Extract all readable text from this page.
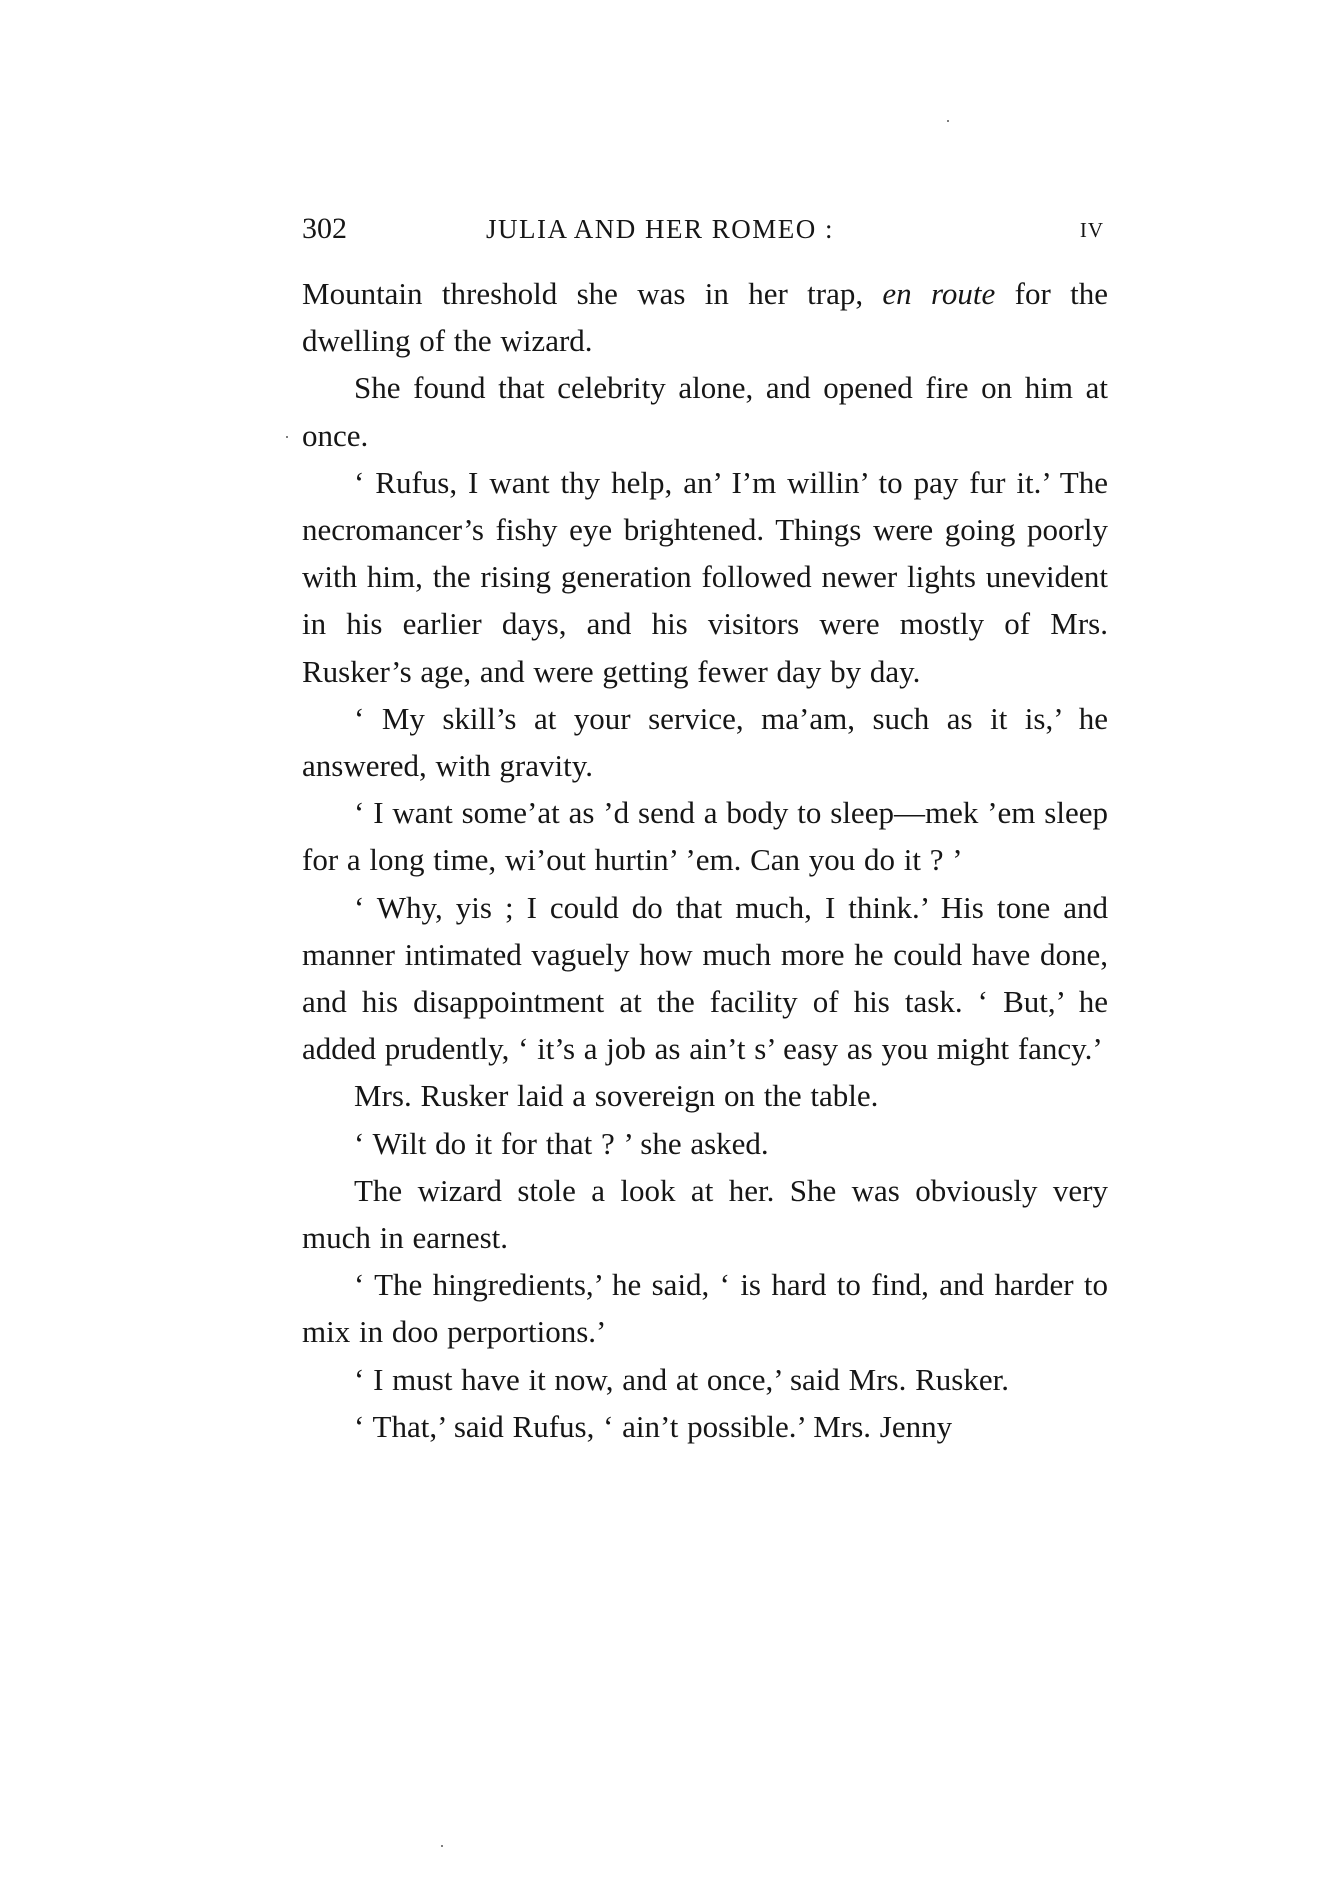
302	JULIA AND HER ROMEO :	IV

Mountain threshold she was in her trap, en route for the dwelling of the wizard.

She found that celebrity alone, and opened fire on him at once.

‘ Rufus, I want thy help, an’ I’m willin’ to pay fur it.’ The necromancer’s fishy eye brightened. Things were going poorly with him, the rising generation followed newer lights unevident in his earlier days, and his visitors were mostly of Mrs. Rusker’s age, and were getting fewer day by day.

‘ My skill’s at your service, ma’am, such as it is,’ he answered, with gravity.

‘ I want some’at as ’d send a body to sleep—mek ’em sleep for a long time, wi’out hurtin’ ’em. Can you do it ? ’

‘ Why, yis ; I could do that much, I think.’ His tone and manner intimated vaguely how much more he could have done, and his disappointment at the facility of his task. ‘ But,’ he added prudently, ‘ it’s a job as ain’t s’ easy as you might fancy.’

Mrs. Rusker laid a sovereign on the table.

‘ Wilt do it for that ? ’ she asked.

The wizard stole a look at her. She was obviously very much in earnest.

‘ The hingredients,’ he said, ‘ is hard to find, and harder to mix in doo perportions.’

‘ I must have it now, and at once,’ said Mrs. Rusker.

‘ That,’ said Rufus, ‘ ain’t possible.’ Mrs. Jenny
